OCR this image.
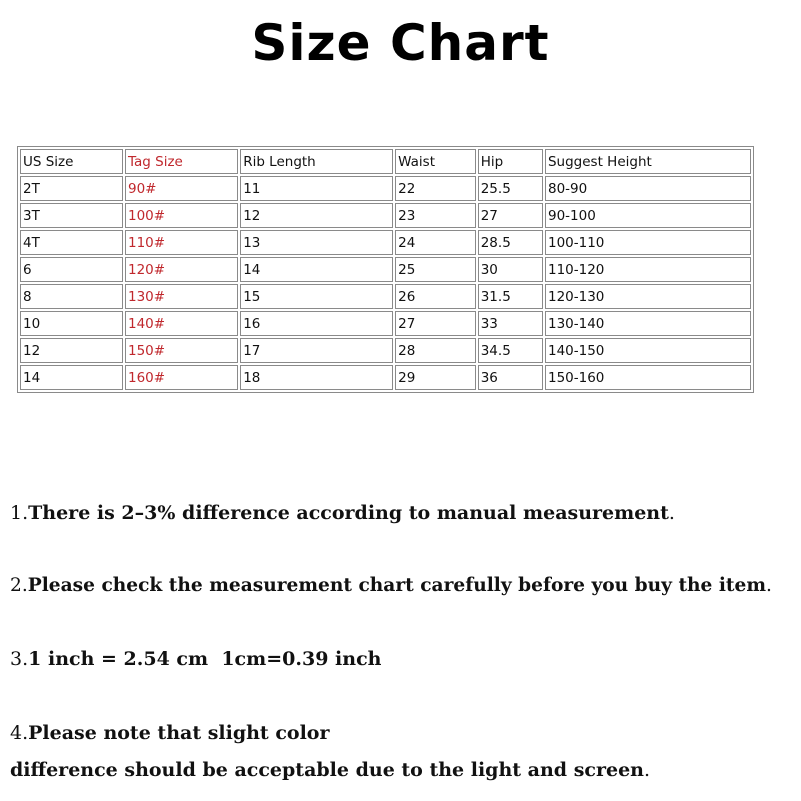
Size Chart
US Size	Tag Size	Rib Length	Waist	Hip	Suggest Height
2T	90#	11	22	25.5	80-90
3T	100#	12	23	27	90-100
4T	110#	13	24	28.5	100-110
6	120#	14	25	30	110-120
8	130#	15	26	31.5	120-130
10	140#	16	27	33	130-140
12	150#	17	28	34.5	140-150
14	160#	18	29	36	150-160
1.There is 2–3% difference according to manual measurement.
2.Please check the measurement chart carefully before you buy the item.
3.1 inch = 2.54 cm  1cm=0.39 inch
4.Please note that slight color
difference should be acceptable due to the light and screen.
